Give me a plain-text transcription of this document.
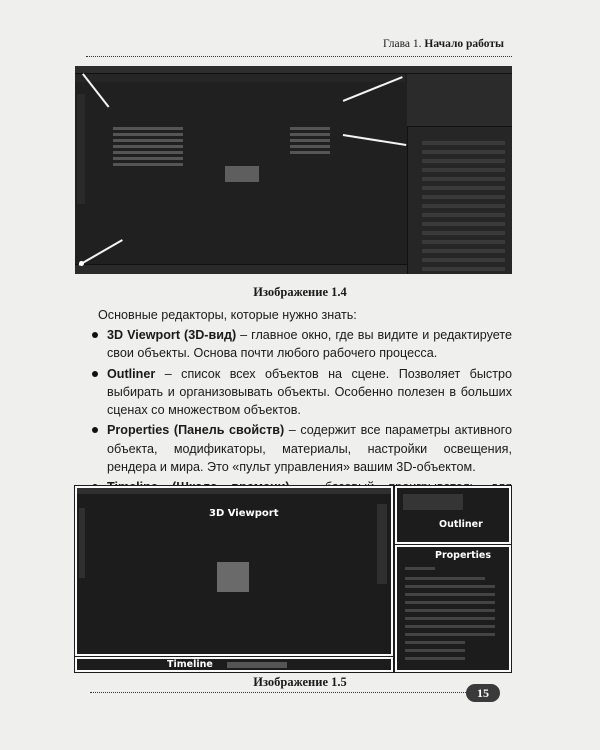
Глава 1. Начало работы
Изображение 1.4
Основные редакторы, которые нужно знать:
3D Viewport (3D-вид) – главное окно, где вы видите и редактируете свои объекты. Основа почти любого рабочего процесса.
Outliner – список всех объектов на сцене. Позволяет быстро выбирать и организовывать объекты. Особенно полезен в больших сценах со множеством объектов.
Properties (Панель свойств) – содержит все параметры активного объекта, модификаторы, материалы, настройки освещения, рендера и мира. Это «пульт управления» вашим 3D-объектом.
3D Viewport
Timeline
Outliner
Properties
Изображение 1.5
15
